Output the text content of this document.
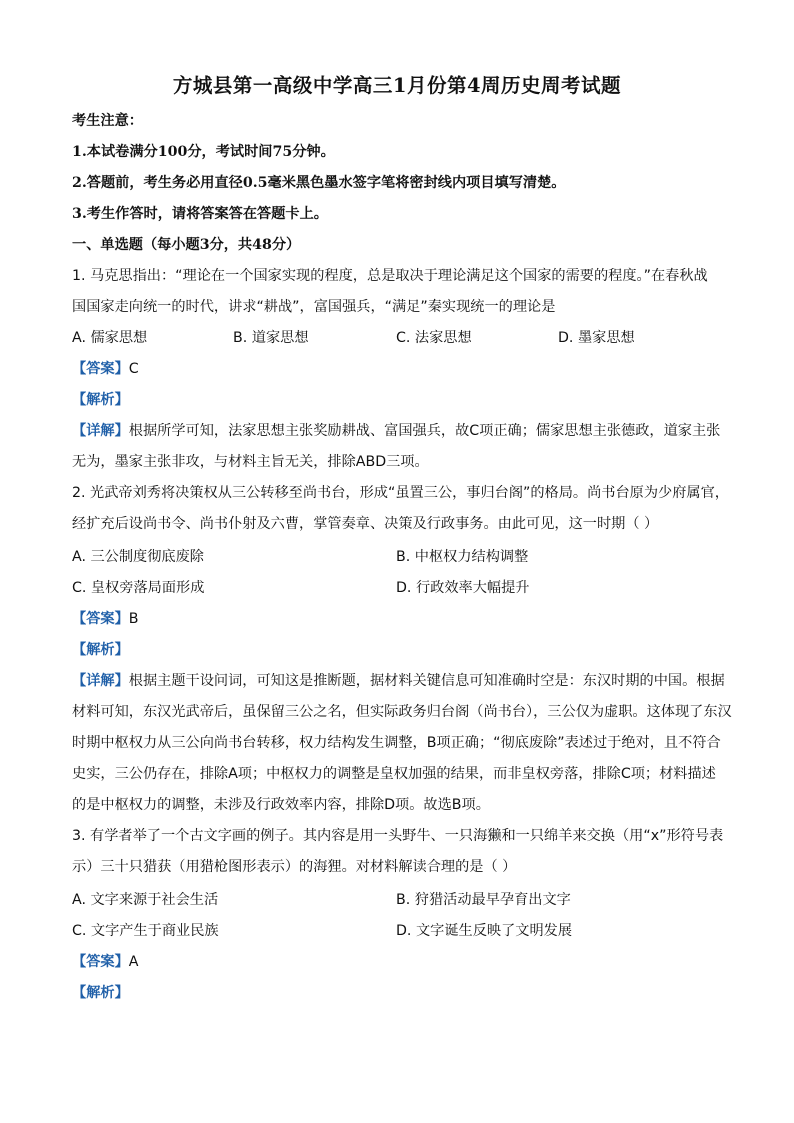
方城县第一高级中学高三1月份第4周历史周考试题
考生注意：
1.本试卷满分100分，考试时间75分钟。
2.答题前，考生务必用直径0.5毫米黑色墨水签字笔将密封线内项目填写清楚。
3.考生作答时，请将答案答在答题卡上。
一、单选题（每小题3分，共48分）
1. 马克思指出：“理论在一个国家实现的程度，总是取决于理论满足这个国家的需要的程度。”在春秋战
国国家走向统一的时代，讲求“耕战”，富国强兵，“满足”秦实现统一的理论是
A. 儒家思想	B. 道家思想	C. 法家思想	D. 墨家思想
【答案】C
【解析】
【详解】根据所学可知，法家思想主张奖励耕战、富国强兵，故C项正确；儒家思想主张德政，道家主张
无为，墨家主张非攻，与材料主旨无关，排除ABD三项。
2. 光武帝刘秀将决策权从三公转移至尚书台，形成“虽置三公，事归台阁”的格局。尚书台原为少府属官，
经扩充后设尚书令、尚书仆射及六曹，掌管奏章、决策及行政事务。由此可见，这一时期（ ）
A. 三公制度彻底废除	B. 中枢权力结构调整
C. 皇权旁落局面形成	D. 行政效率大幅提升
【答案】B
【解析】
【详解】根据主题干设问词，可知这是推断题，据材料关键信息可知准确时空是：东汉时期的中国。根据
材料可知，东汉光武帝后，虽保留三公之名，但实际政务归台阁（尚书台），三公仅为虚职。这体现了东汉
时期中枢权力从三公向尚书台转移，权力结构发生调整，B项正确；“彻底废除”表述过于绝对，且不符合
史实，三公仍存在，排除A项；中枢权力的调整是皇权加强的结果，而非皇权旁落，排除C项；材料描述
的是中枢权力的调整，未涉及行政效率内容，排除D项。故选B项。
3. 有学者举了一个古文字画的例子。其内容是用一头野牛、一只海獭和一只绵羊来交换（用“x”形符号表
示）三十只猎获（用猎枪图形表示）的海狸。对材料解读合理的是（ ）
A. 文字来源于社会生活	B. 狩猎活动最早孕育出文字
C. 文字产生于商业民族	D. 文字诞生反映了文明发展
【答案】A
【解析】
